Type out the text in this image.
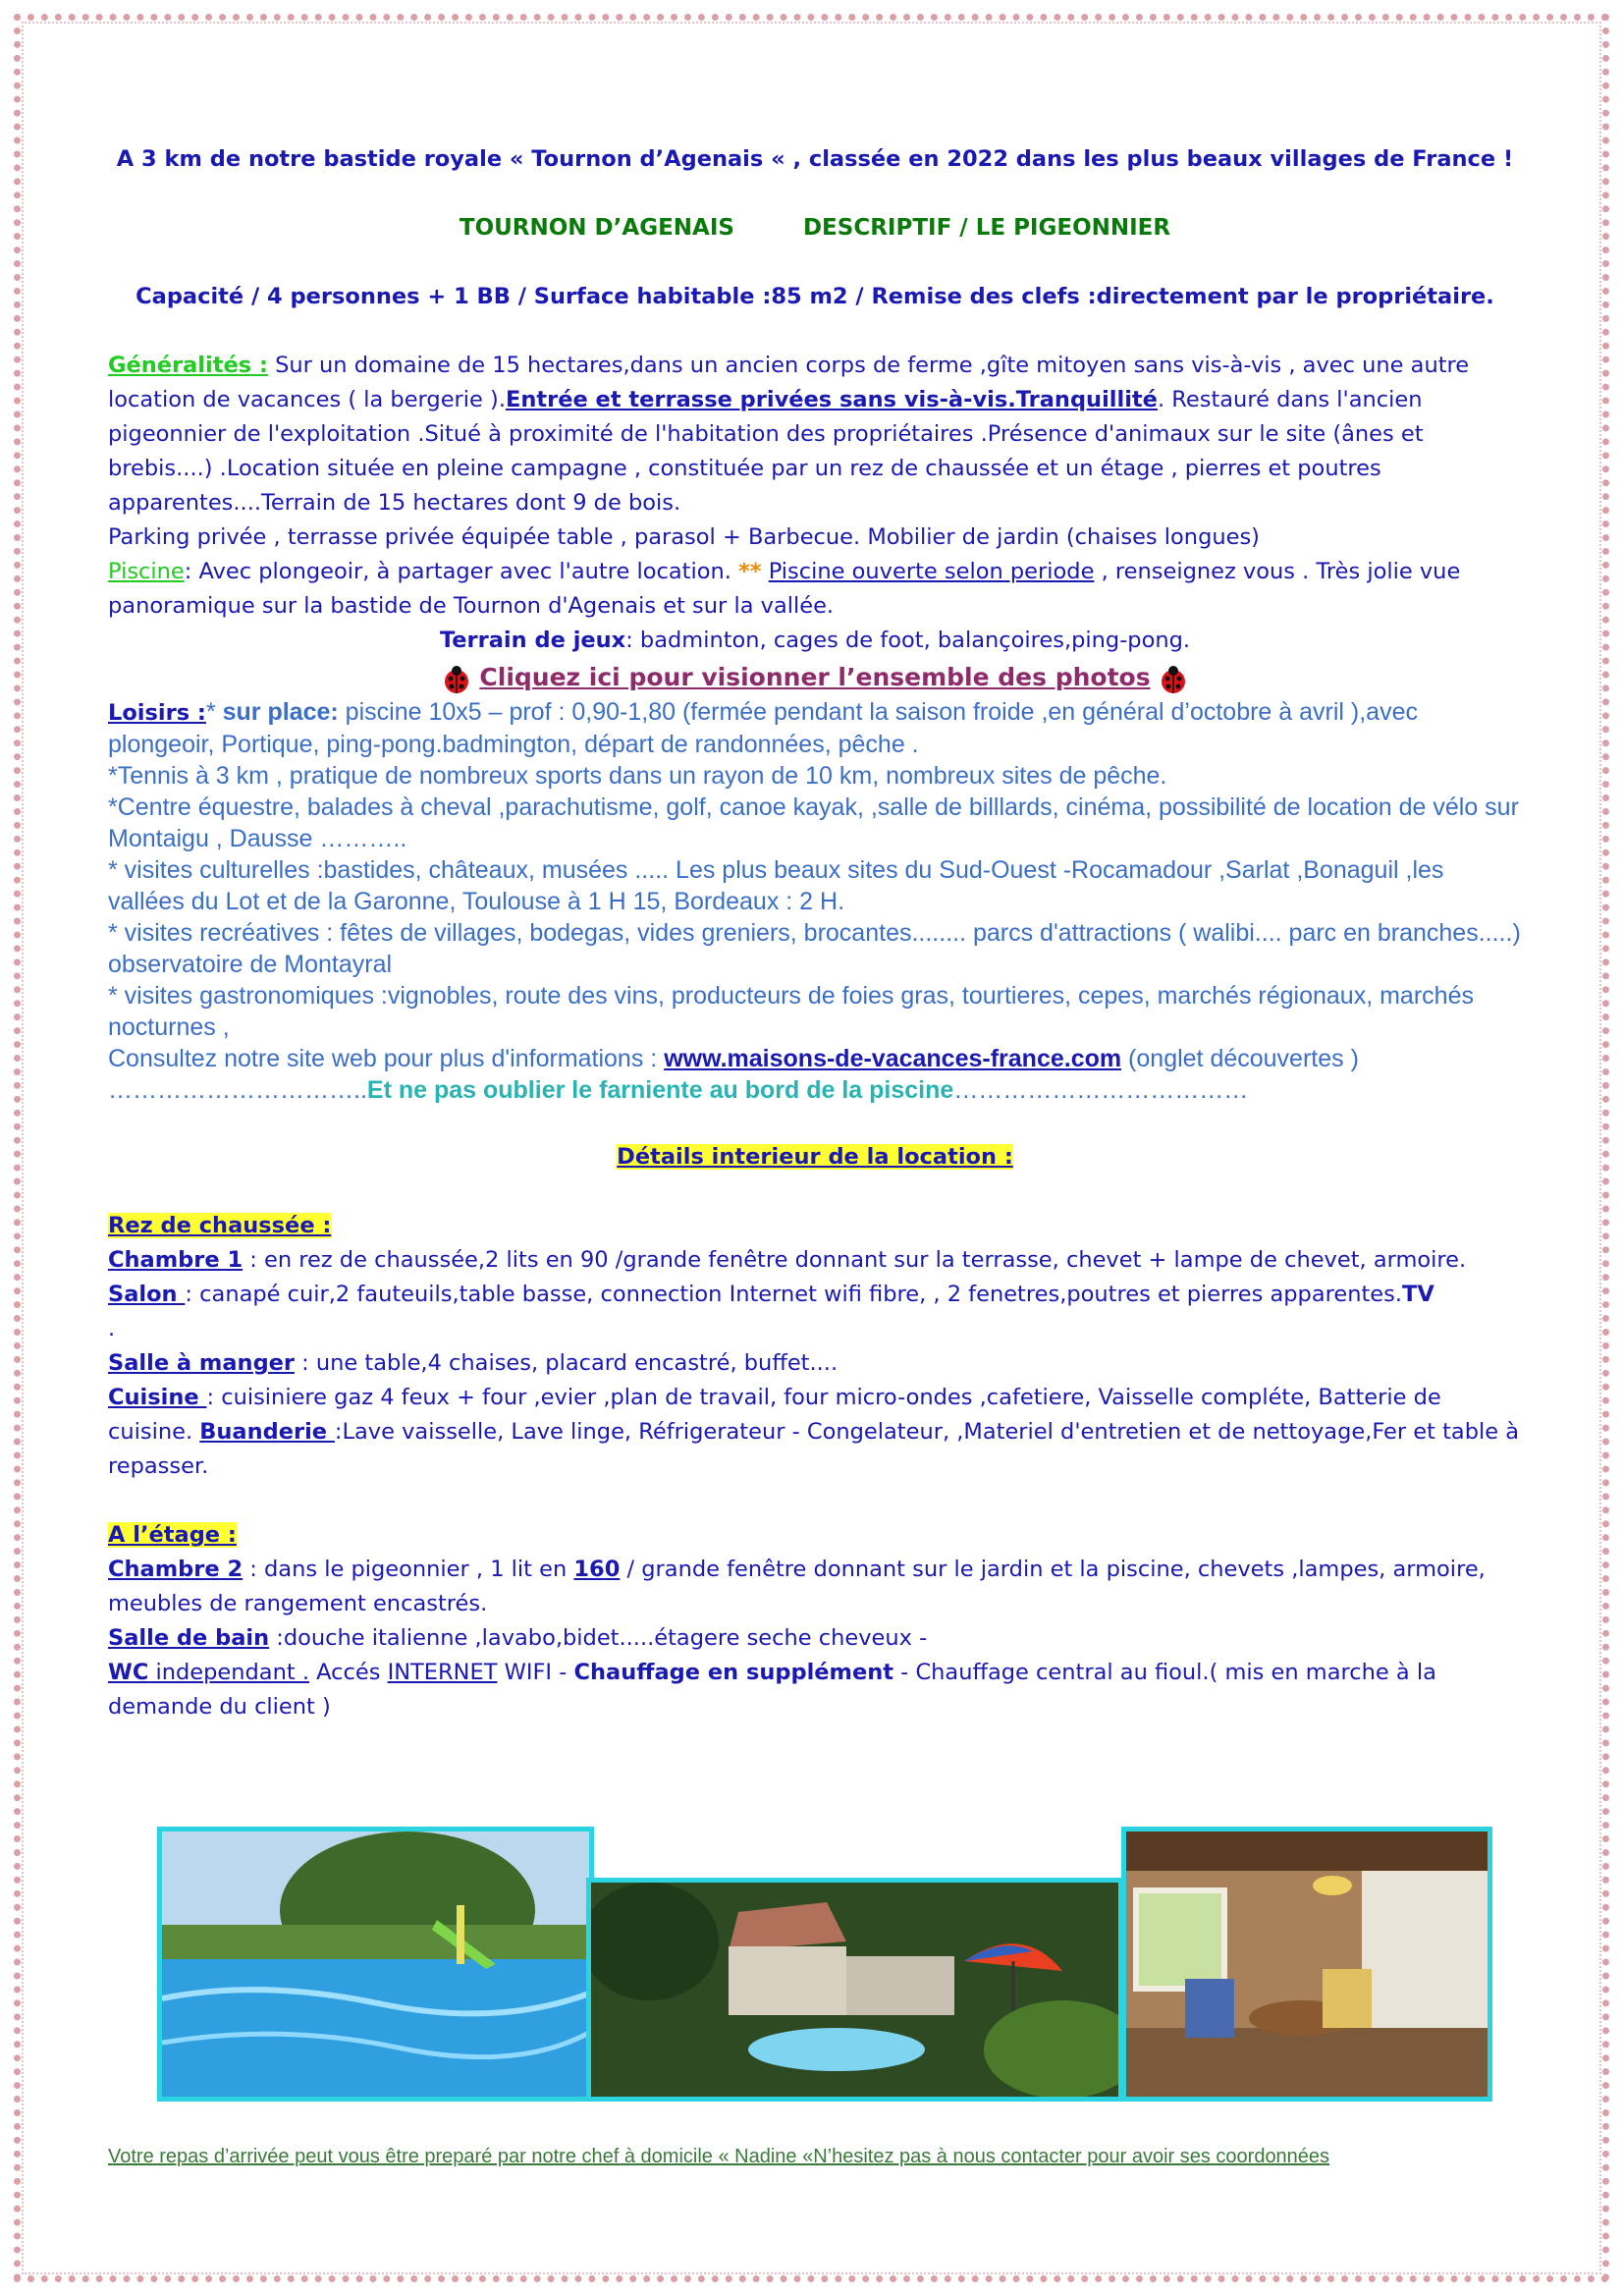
A 3 km de notre bastide royale « Tournon d’Agenais « , classée en 2022 dans les plus beaux villages de France !
TOURNON D’AGENAIS	DESCRIPTIF / LE PIGEONNIER
Capacité / 4 personnes + 1 BB / Surface habitable :85 m2 / Remise des clefs :directement par le propriétaire.
Généralités : Sur un domaine de 15 hectares,dans un ancien corps de ferme ,gîte mitoyen sans vis-à-vis , avec une autre location de vacances ( la bergerie ).Entrée et terrasse privées sans vis-à-vis.Tranquillité. Restauré dans l'ancien pigeonnier de l'exploitation .Situé à proximité de l'habitation des propriétaires .Présence d'animaux sur le site (ânes et brebis....) .Location située en pleine campagne , constituée par un rez de chaussée et un étage , pierres et poutres apparentes....Terrain de 15 hectares dont 9 de bois.
Parking privée , terrasse privée équipée table , parasol + Barbecue. Mobilier de jardin (chaises longues)
Piscine: Avec plongeoir, à partager avec l'autre location. ** Piscine ouverte selon periode , renseignez vous . Très jolie vue panoramique sur la bastide de Tournon d'Agenais et sur la vallée.
Terrain de jeux: badminton, cages de foot, balançoires,ping-pong.
Cliquez ici pour visionner l’ensemble des photos
Loisirs :* sur place: piscine 10x5 – prof : 0,90-1,80 (fermée pendant la saison froide ,en général d’octobre à avril ),avec plongeoir, Portique, ping-pong.badmington, départ de randonnées, pêche .
*Tennis à 3 km , pratique de nombreux sports dans un rayon de 10 km, nombreux sites de pêche.
*Centre équestre, balades à cheval ,parachutisme, golf, canoe kayak, ,salle de billlards, cinéma, possibilité de location de vélo sur Montaigu , Dausse ………..
* visites culturelles :bastides, châteaux, musées ..... Les plus beaux sites du Sud-Ouest -Rocamadour ,Sarlat ,Bonaguil ,les vallées du Lot et de la Garonne, Toulouse à 1 H 15, Bordeaux : 2 H.
* visites recréatives : fêtes de villages, bodegas, vides greniers, brocantes........ parcs d'attractions ( walibi.... parc en branches.....) observatoire de Montayral
* visites gastronomiques :vignobles, route des vins, producteurs de foies gras, tourtieres, cepes, marchés régionaux, marchés nocturnes ,
Consultez notre site web pour plus d'informations : www.maisons-de-vacances-france.com (onglet découvertes )
…………………………..Et ne pas oublier le farniente au bord de la piscine………………………………
Détails interieur de la location :
Rez de chaussée :
Chambre 1 : en rez de chaussée,2 lits en 90 /grande fenêtre donnant sur la terrasse, chevet + lampe de chevet, armoire.
Salon : canapé cuir,2 fauteuils,table basse, connection Internet wifi fibre, , 2 fenetres,poutres et pierres apparentes.TV
.
Salle à manger : une table,4 chaises, placard encastré, buffet....
Cuisine : cuisiniere gaz 4 feux + four ,evier ,plan de travail, four micro-ondes ,cafetiere, Vaisselle compléte, Batterie de cuisine. Buanderie :Lave vaisselle, Lave linge, Réfrigerateur - Congelateur, ,Materiel d'entretien et de nettoyage,Fer et table à repasser.
A l’étage :
Chambre 2 : dans le pigeonnier , 1 lit en 160 / grande fenêtre donnant sur le jardin et la piscine, chevets ,lampes, armoire, meubles de rangement encastrés.
Salle de bain :douche italienne ,lavabo,bidet.....étagere seche cheveux -
WC independant . Accés INTERNET WIFI - Chauffage en supplément - Chauffage central au fioul.( mis en marche à la demande du client )
Votre repas d’arrivée peut vous être preparé par notre chef à domicile « Nadine «N’hesitez pas à nous contacter pour avoir ses coordonnées
